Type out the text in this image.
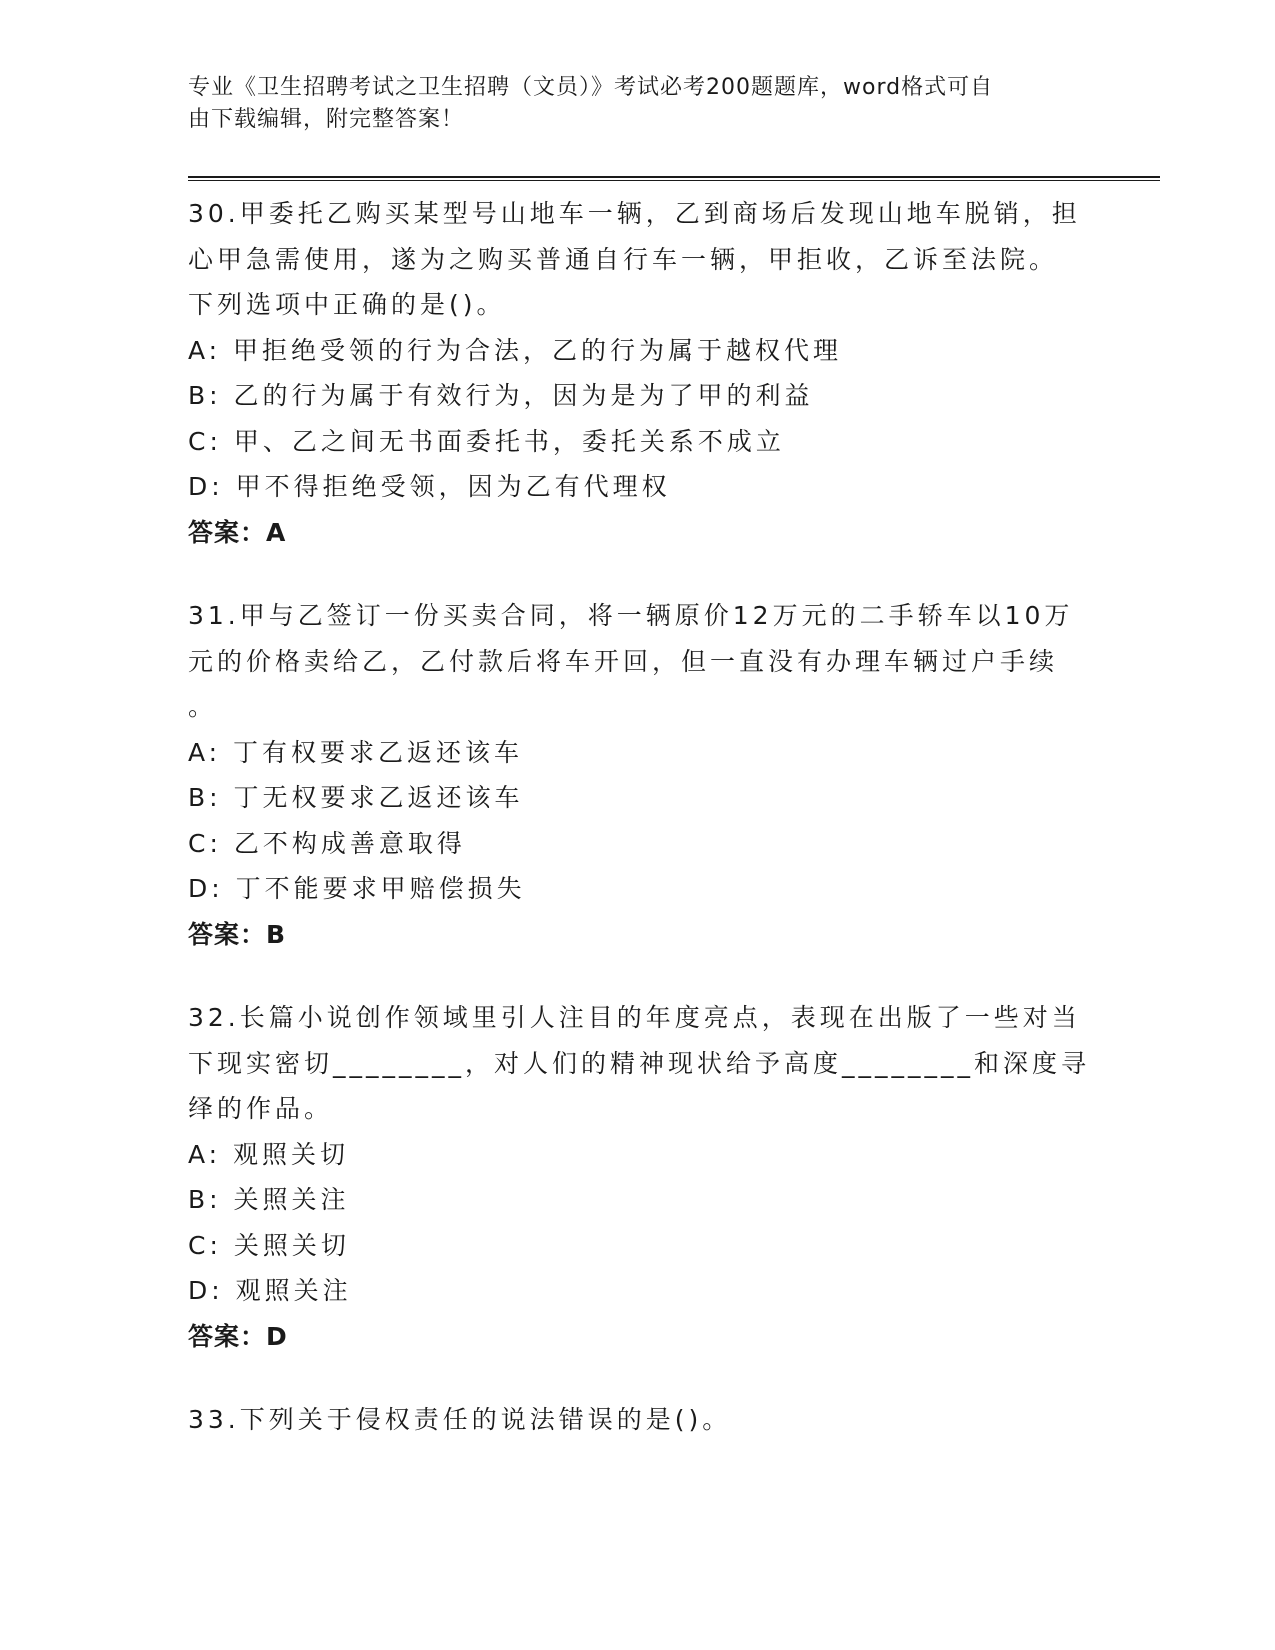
专业《卫生招聘考试之卫生招聘（文员）》考试必考200题题库，word格式可自
由下载编辑，附完整答案！
30.甲委托乙购买某型号山地车一辆，乙到商场后发现山地车脱销，担
心甲急需使用，遂为之购买普通自行车一辆，甲拒收，乙诉至法院。
下列选项中正确的是()。
A: 甲拒绝受领的行为合法，乙的行为属于越权代理
B: 乙的行为属于有效行为，因为是为了甲的利益
C: 甲、乙之间无书面委托书，委托关系不成立
D: 甲不得拒绝受领，因为乙有代理权
答案：A
31.甲与乙签订一份买卖合同，将一辆原价12万元的二手轿车以10万
元的价格卖给乙，乙付款后将车开回，但一直没有办理车辆过户手续
。
A: 丁有权要求乙返还该车
B: 丁无权要求乙返还该车
C: 乙不构成善意取得
D: 丁不能要求甲赔偿损失
答案：B
32.长篇小说创作领域里引人注目的年度亮点，表现在出版了一些对当
下现实密切________，对人们的精神现状给予高度________和深度寻
绎的作品。
A: 观照关切
B: 关照关注
C: 关照关切
D: 观照关注
答案：D
33.下列关于侵权责任的说法错误的是()。
